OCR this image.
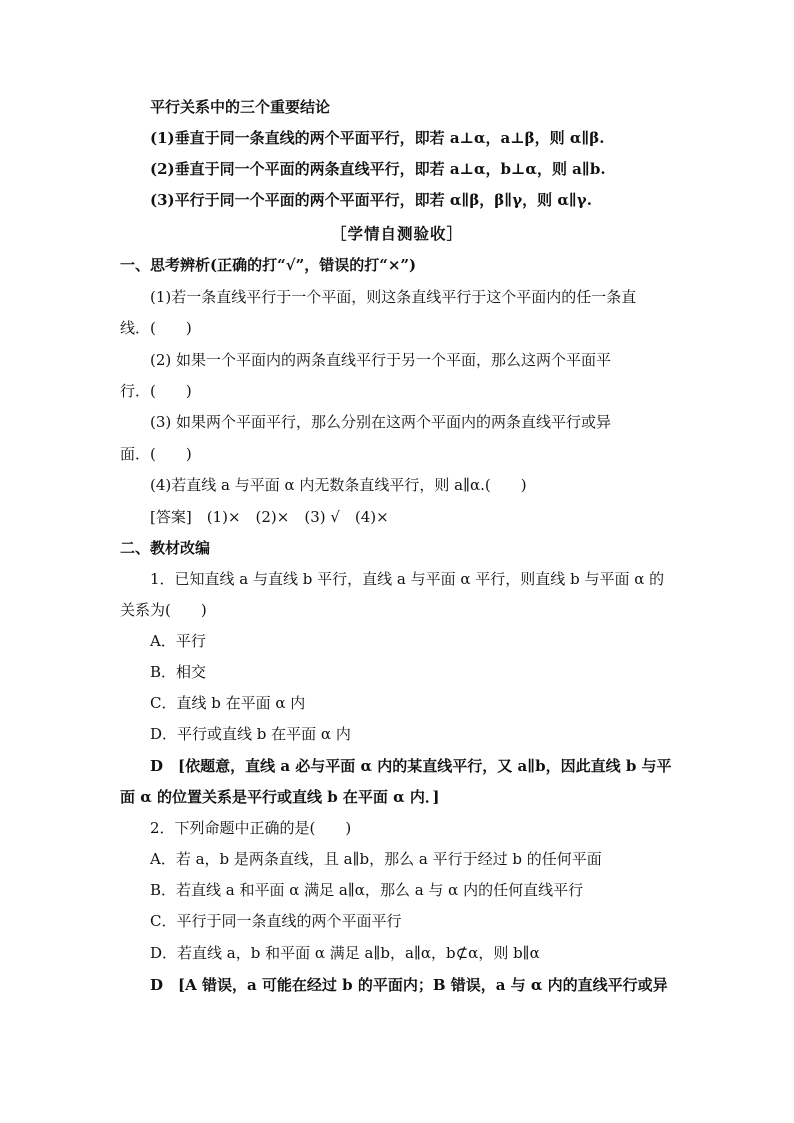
平行关系中的三个重要结论
(1)垂直于同一条直线的两个平面平行，即若 a⊥α，a⊥β，则 α∥β.
(2)垂直于同一个平面的两条直线平行，即若 a⊥α，b⊥α，则 a∥b.
(3)平行于同一个平面的两个平面平行，即若 α∥β，β∥γ，则 α∥γ.
［学情自测验收］
一、思考辨析(正确的打“√”，错误的打“×”)
(1)若一条直线平行于一个平面，则这条直线平行于这个平面内的任一条直
线．(　　)
(2) 如果一个平面内的两条直线平行于另一个平面，那么这两个平面平
行．(　　)
(3) 如果两个平面平行，那么分别在这两个平面内的两条直线平行或异
面．(　　)
(4)若直线 a 与平面 α 内无数条直线平行，则 a∥α.(　　)
[答案]　(1)×　(2)×　(3) √　(4)×
二、教材改编
1．已知直线 a 与直线 b 平行，直线 a 与平面 α 平行，则直线 b 与平面 α 的
关系为(　　)
A．平行
B．相交
C．直线 b 在平面 α 内
D．平行或直线 b 在平面 α 内
D　[依题意，直线 a 必与平面 α 内的某直线平行，又 a∥b，因此直线 b 与平
面 α 的位置关系是平行或直线 b 在平面 α 内．]
2．下列命题中正确的是(　　)
A．若 a，b 是两条直线，且 a∥b，那么 a 平行于经过 b 的任何平面
B．若直线 a 和平面 α 满足 a∥α，那么 a 与 α 内的任何直线平行
C．平行于同一条直线的两个平面平行
D．若直线 a，b 和平面 α 满足 a∥b，a∥α，b⊄α，则 b∥α
D　[A 错误，a 可能在经过 b 的平面内；B 错误，a 与 α 内的直线平行或异
